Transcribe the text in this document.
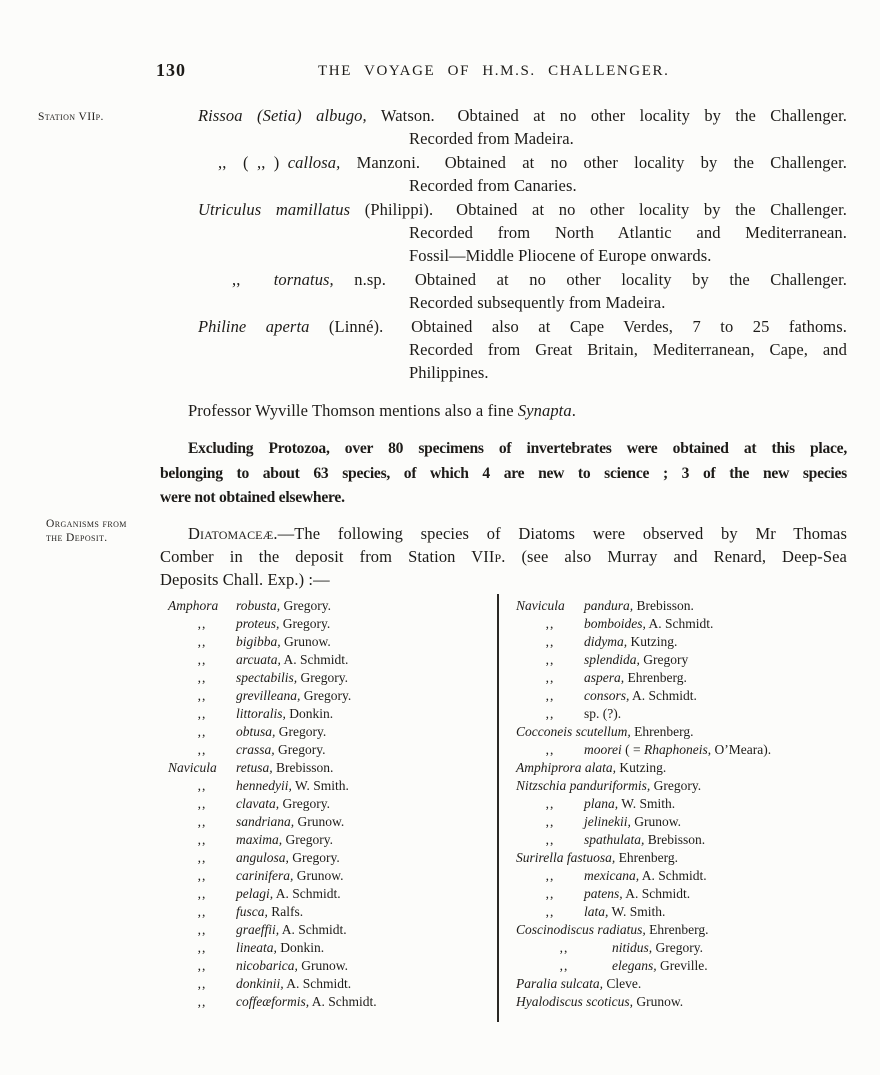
130	THE VOYAGE OF H.M.S. CHALLENGER.
Station VIIp.
Organisms from
the Deposit.
Rissoa (Setia) albugo, Watson.  Obtained at no other locality by the Challenger.
Recorded from Madeira.
,, ( ,, ) callosa, Manzoni.  Obtained at no other locality by the Challenger.
Recorded from Canaries.
Utriculus mamillatus (Philippi).  Obtained at no other locality by the Challenger.
Recorded from North Atlantic and Mediterranean.
Fossil—Middle Pliocene of Europe onwards.
,,   tornatus, n.sp.  Obtained at no other locality by the Challenger.
Recorded subsequently from Madeira.
Philine aperta (Linné).  Obtained also at Cape Verdes, 7 to 25 fathoms.
Recorded from Great Britain, Mediterranean, Cape, and
Philippines.
Professor Wyville Thomson mentions also a fine Synapta.
Excluding Protozoa, over 80 specimens of invertebrates were obtained at this place,
belonging to about 63 species, of which 4 are new to science ; 3 of the new species
were not obtained elsewhere.
Diatomaceæ.—The following species of Diatoms were observed by Mr Thomas
Comber in the deposit from Station VIIp. (see also Murray and Renard, Deep-Sea
Deposits Chall. Exp.) :—
Amphora robusta, Gregory.
,, proteus, Gregory.
,, bigibba, Grunow.
,, arcuata, A. Schmidt.
,, spectabilis, Gregory.
,, grevilleana, Gregory.
,, littoralis, Donkin.
,, obtusa, Gregory.
,, crassa, Gregory.
Navicula retusa, Brebisson.
,, hennedyii, W. Smith.
,, clavata, Gregory.
,, sandriana, Grunow.
,, maxima, Gregory.
,, angulosa, Gregory.
,, carinifera, Grunow.
,, pelagi, A. Schmidt.
,, fusca, Ralfs.
,, graeffii, A. Schmidt.
,, lineata, Donkin.
,, nicobarica, Grunow.
,, donkinii, A. Schmidt.
,, coffeæformis, A. Schmidt.
Navicula pandura, Brebisson.
,, bomboides, A. Schmidt.
,, didyma, Kutzing.
,, splendida, Gregory
,, aspera, Ehrenberg.
,, consors, A. Schmidt.
,, sp. (?).
Cocconeis scutellum, Ehrenberg.
,, moorei ( = Rhaphoneis, O’Meara).
Amphiprora alata, Kutzing.
Nitzschia panduriformis, Gregory.
,, plana, W. Smith.
,, jelinekii, Grunow.
,, spathulata, Brebisson.
Surirella fastuosa, Ehrenberg.
,, mexicana, A. Schmidt.
,, patens, A. Schmidt.
,, lata, W. Smith.
Coscinodiscus radiatus, Ehrenberg.
,,	nitidus, Gregory.
,,	elegans, Greville.
Paralia sulcata, Cleve.
Hyalodiscus scoticus, Grunow.
